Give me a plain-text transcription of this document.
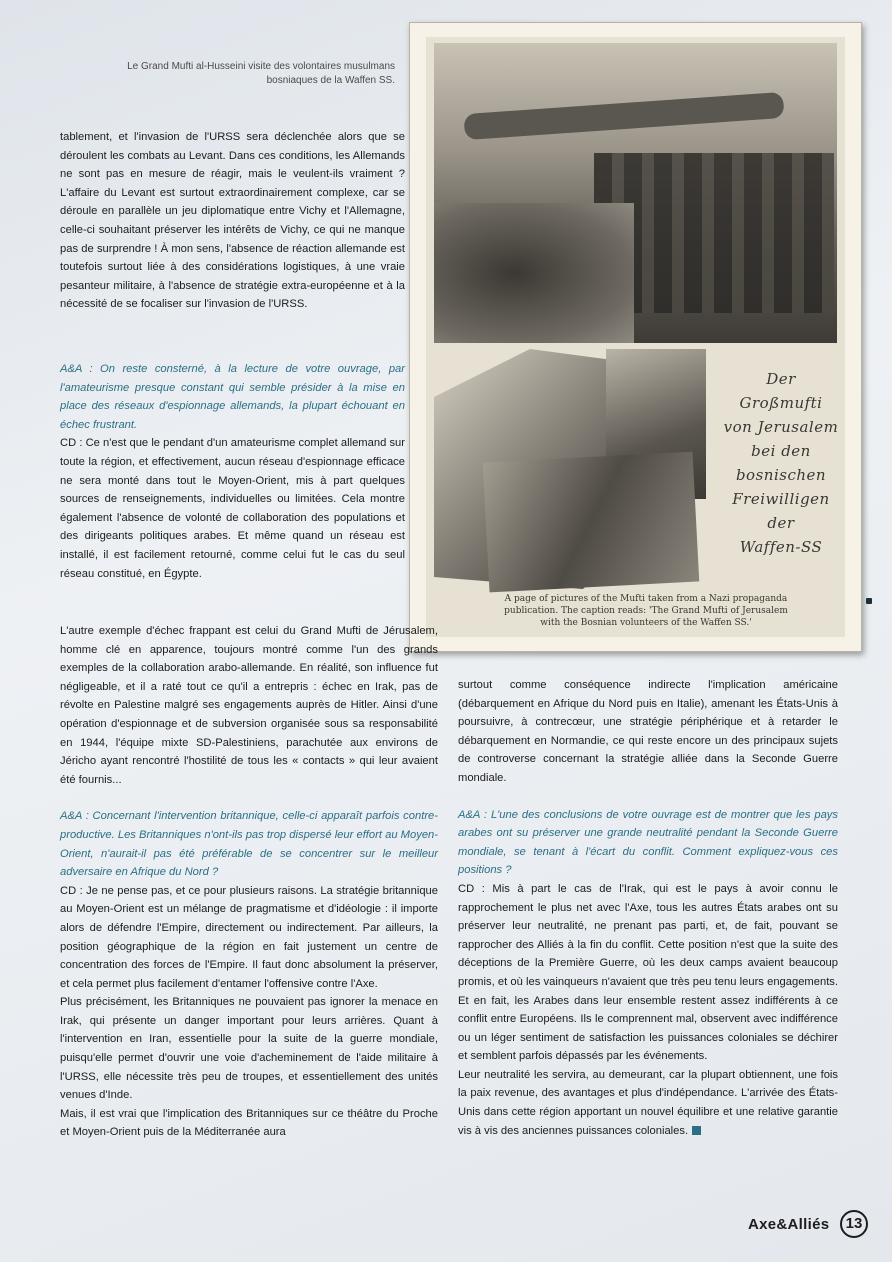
Le Grand Mufti al-Husseini visite des volontaires musulmans bosniaques de la Waffen SS.
Der
Großmufti
von Jerusalem
bei den
bosnischen
Freiwilligen
der
Waffen-SS
A page of pictures of the Mufti taken from a Nazi propaganda publication. The caption reads: 'The Grand Mufti of Jerusalem with the Bosnian volunteers of the Waffen SS.'

tablement, et l'invasion de l'URSS sera déclenchée alors que se déroulent les combats au Levant. Dans ces conditions, les Allemands ne sont pas en mesure de réagir, mais le veulent-ils vraiment ? L'affaire du Levant est surtout extraordinairement complexe, car se déroule en parallèle un jeu diplomatique entre Vichy et l'Allemagne, celle-ci souhaitant préserver les intérêts de Vichy, ce qui ne manque pas de surprendre ! À mon sens, l'absence de réaction allemande est toutefois surtout liée à des considérations logistiques, à une vraie pesanteur militaire, à l'absence de stratégie extra-européenne et à la nécessité de se focaliser sur l'invasion de l'URSS.

A&A : On reste consterné, à la lecture de votre ouvrage, par l'amateurisme presque constant qui semble présider à la mise en place des réseaux d'espionnage allemands, la plupart échouant en échec frustrant.

CD : Ce n'est que le pendant d'un amateurisme complet allemand sur toute la région, et effectivement, aucun réseau d'espionnage efficace ne sera monté dans tout le Moyen-Orient, mis à part quelques sources de renseignements, individuelles ou limitées. Cela montre également l'absence de volonté de collaboration des populations et des dirigeants politiques arabes. Et même quand un réseau est installé, il est facilement retourné, comme celui fut le cas du seul réseau constitué, en Égypte.

L'autre exemple d'échec frappant est celui du Grand Mufti de Jérusalem, homme clé en apparence, toujours montré comme l'un des grands exemples de la collaboration arabo-allemande. En réalité, son influence fut négligeable, et il a raté tout ce qu'il a entrepris : échec en Irak, pas de révolte en Palestine malgré ses engagements auprès de Hitler. Ainsi d'une opération d'espionnage et de subversion organisée sous sa responsabilité en 1944, l'équipe mixte SD-Palestiniens, parachutée aux environs de Jéricho ayant rencontré l'hostilité de tous les « contacts » qui leur avaient été fournis...

A&A : Concernant l'intervention britannique, celle-ci apparaît parfois contre-productive. Les Britanniques n'ont-ils pas trop dispersé leur effort au Moyen-Orient, n'aurait-il pas été préférable de se concentrer sur le meilleur adversaire en Afrique du Nord ?

CD : Je ne pense pas, et ce pour plusieurs raisons. La stratégie britannique au Moyen-Orient est un mélange de pragmatisme et d'idéologie : il importe alors de défendre l'Empire, directement ou indirectement. Par ailleurs, la position géographique de la région en fait justement un centre de concentration des forces de l'Empire. Il faut donc absolument la préserver, et cela permet plus facilement d'entamer l'offensive contre l'Axe.

Plus précisément, les Britanniques ne pouvaient pas ignorer la menace en Irak, qui présente un danger important pour leurs arrières. Quant à l'intervention en Iran, essentielle pour la suite de la guerre mondiale, puisqu'elle permet d'ouvrir une voie d'acheminement de l'aide militaire à l'URSS, elle nécessite très peu de troupes, et essentiellement des unités venues d'Inde.

Mais, il est vrai que l'implication des Britanniques sur ce théâtre du Proche et Moyen-Orient puis de la Méditerranée aura

surtout comme conséquence indirecte l'implication américaine (débarquement en Afrique du Nord puis en Italie), amenant les États-Unis à poursuivre, à contrecœur, une stratégie périphérique et à retarder le débarquement en Normandie, ce qui reste encore un des principaux sujets de controverse concernant la stratégie alliée dans la Seconde Guerre mondiale.

A&A : L'une des conclusions de votre ouvrage est de montrer que les pays arabes ont su préserver une grande neutralité pendant la Seconde Guerre mondiale, se tenant à l'écart du conflit. Comment expliquez-vous ces positions ?

CD : Mis à part le cas de l'Irak, qui est le pays à avoir connu le rapprochement le plus net avec l'Axe, tous les autres États arabes ont su préserver leur neutralité, ne prenant pas parti, et, de fait, pouvant se rapprocher des Alliés à la fin du conflit. Cette position n'est que la suite des déceptions de la Première Guerre, où les deux camps avaient beaucoup promis, et où les vainqueurs n'avaient que très peu tenu leurs engagements. Et en fait, les Arabes dans leur ensemble restent assez indifférents à ce conflit entre Européens. Ils le comprennent mal, observent avec indifférence ou un léger sentiment de satisfaction les puissances coloniales se déchirer et semblent parfois dépassés par les événements.

Leur neutralité les servira, au demeurant, car la plupart obtiennent, une fois la paix revenue, des avantages et plus d'indépendance. L'arrivée des États-Unis dans cette région apportant un nouvel équilibre et une relative garantie vis à vis des anciennes puissances coloniales.

Axe&Alliés	13
